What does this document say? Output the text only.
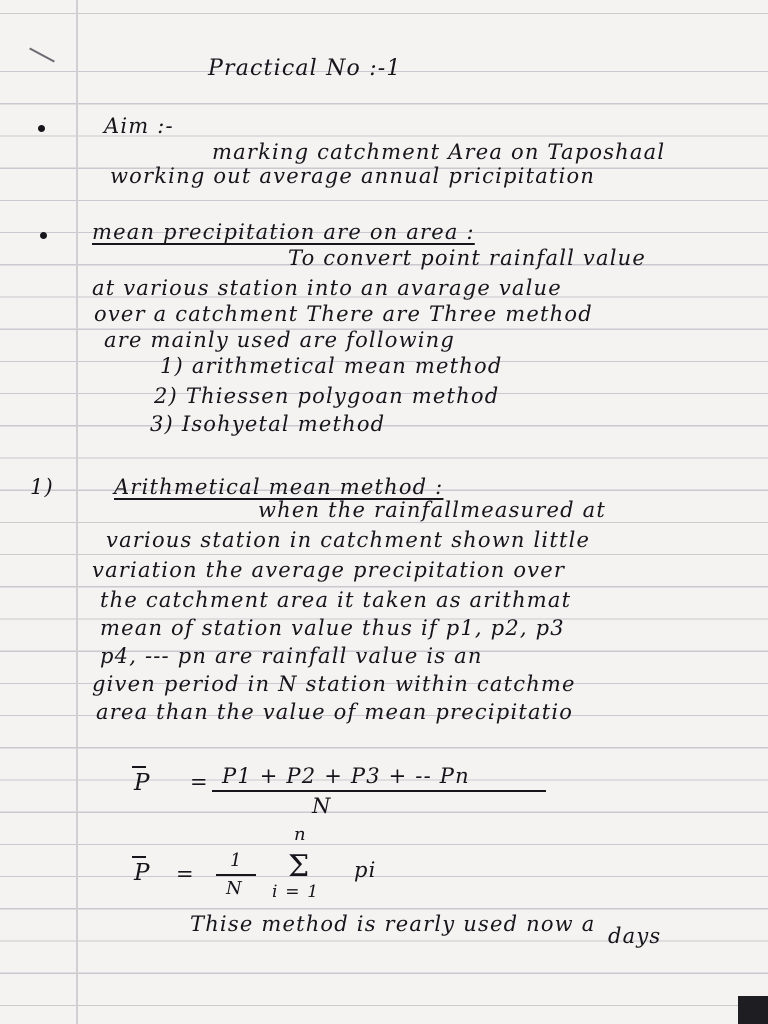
Practical No :-1
Aim :-
marking catchment Area on Taposhaal
working out average annual pricipitation
mean precipitation are on area :
To convert point rainfall value
at various station into an avarage value
over a catchment There are Three method
are mainly used are following
1) arithmetical mean method
2) Thiessen polygoan method
3) Isohyetal method
1)	Arithmetical mean method :
when the rainfallmeasured at
various station in catchment shown little
variation the average precipitation over
the catchment area it taken as arithmat
mean of station value thus if p1, p2, p3
p4, --- pn are rainfall value is an
given period in N station within catchme
area than the value of mean precipitatio
P = P1 + P2 + P3 + -- Pn
N
n
P =
1
N
Σ
i = 1
pi
Thise method is rearly used now a days
